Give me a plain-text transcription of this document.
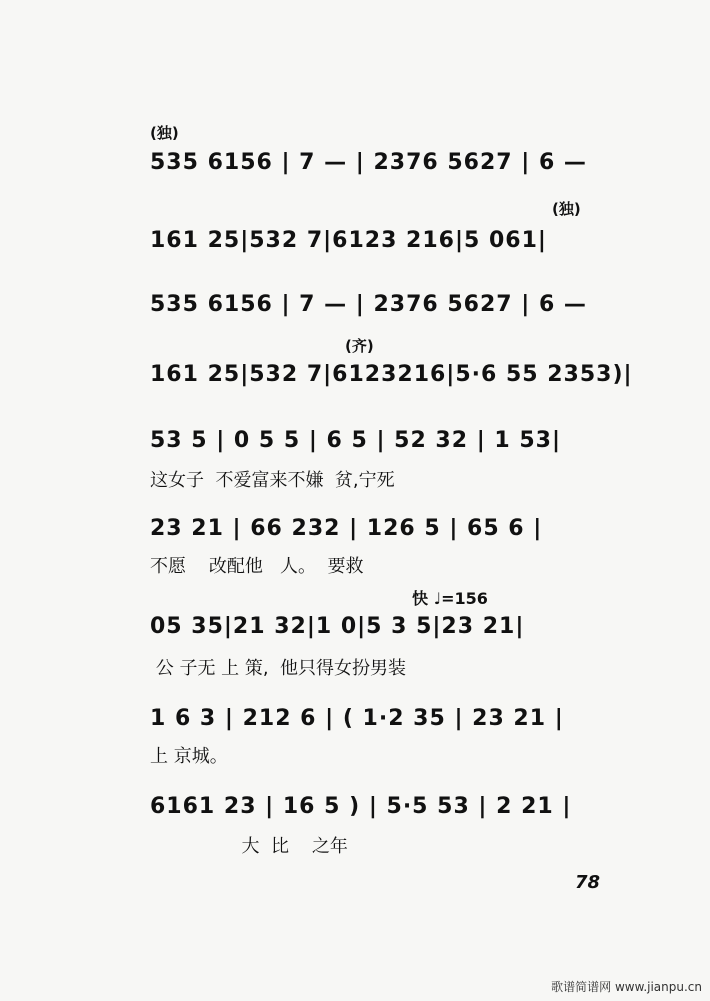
(独)
535 6156 | 7 — | 2376 5627 | 6 —
(独)
161 25|532 7|6123 216|5 061|
535 6156 | 7 — | 2376 5627 | 6 —
(齐)
161 25|532 7|6123216|5·6 55 2353)|
53 5 | 0 5 5 | 6 5 | 52 32 | 1 53|
这女子  不爱富来不嫌  贫,宁死
23 21 | 66 232 | 126 5 | 65 6 |
不愿    改配他   人。  要救
快 ♩=156
05 35|21 32|1 0|5 3 5|23 21|
公 子无 上 策,  他只得女扮男装
1 6 3 | 212 6 | ( 1·2 35 | 23 21 |
上 京城。
6161 23 | 16 5 ) | 5·5 53 | 2 21 |
大  比    之年
78
歌谱简谱网 www.jianpu.cn
